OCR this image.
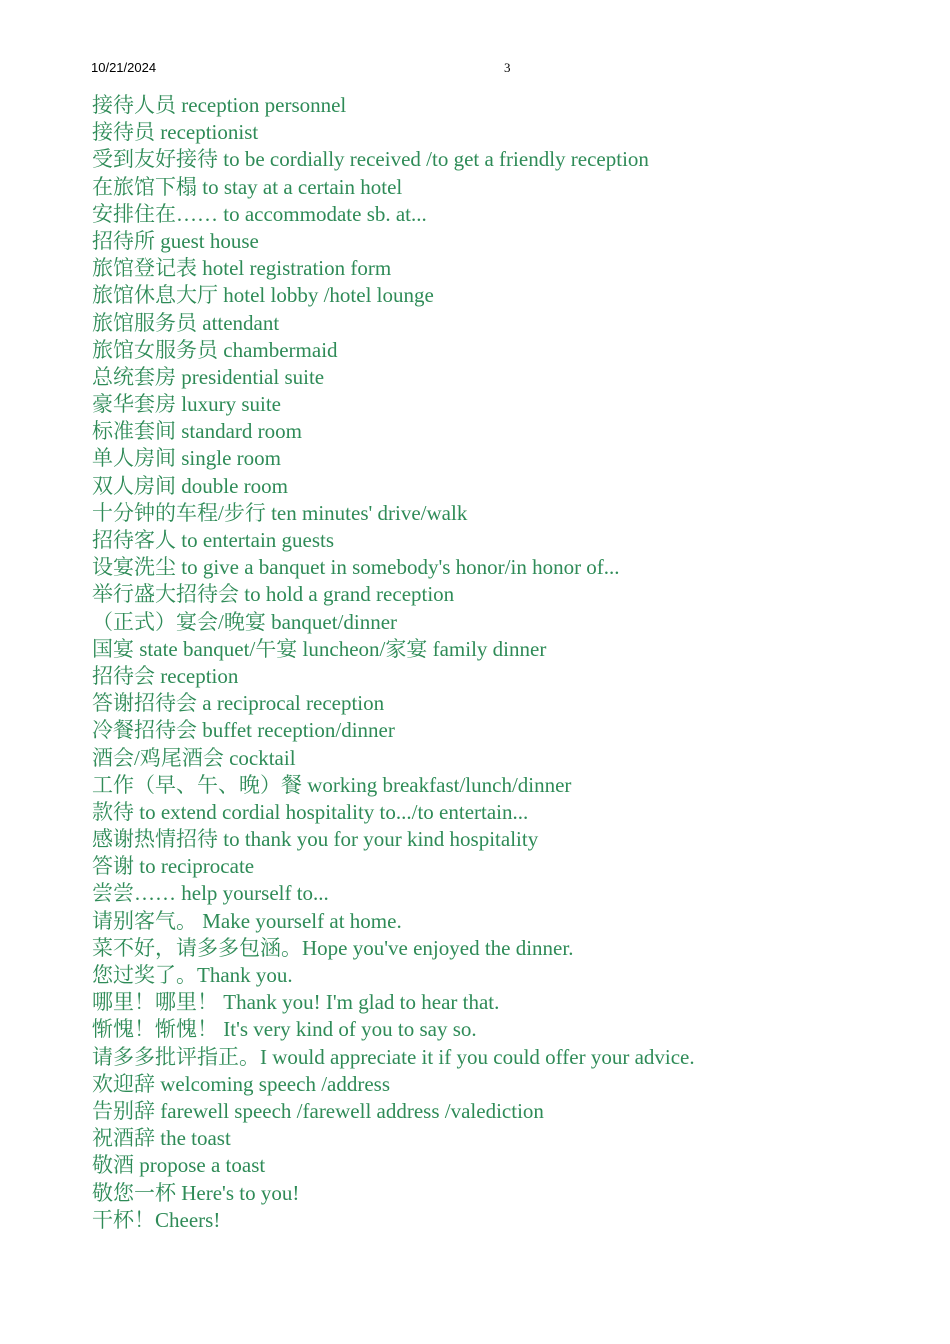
10/21/2024	3
接待人员 reception personnel
接待员 receptionist
受到友好接待 to be cordially received /to get a friendly reception
在旅馆下榻 to stay at a certain hotel
安排住在…… to accommodate sb. at...
招待所 guest house
旅馆登记表 hotel registration form
旅馆休息大厅 hotel lobby /hotel lounge
旅馆服务员 attendant
旅馆女服务员 chambermaid
总统套房 presidential suite
豪华套房 luxury suite
标准套间 standard room
单人房间 single room
双人房间 double room
十分钟的车程/步行 ten minutes' drive/walk
招待客人 to entertain guests
设宴洗尘 to give a banquet in somebody's honor/in honor of...
举行盛大招待会 to hold a grand reception
（正式）宴会/晚宴 banquet/dinner
国宴 state banquet/午宴 luncheon/家宴 family dinner
招待会 reception
答谢招待会 a reciprocal reception
冷餐招待会 buffet reception/dinner
酒会/鸡尾酒会 cocktail
工作（早、午、晚）餐 working breakfast/lunch/dinner
款待 to extend cordial hospitality to.../to entertain...
感谢热情招待 to thank you for your kind hospitality
答谢 to reciprocate
尝尝…… help yourself to...
请别客气。 Make yourself at home.
菜不好，请多多包涵。Hope you've enjoyed the dinner.
您过奖了。Thank you.
哪里！哪里！ Thank you! I'm glad to hear that.
惭愧！惭愧！ It's very kind of you to say so.
请多多批评指正。I would appreciate it if you could offer your advice.
欢迎辞 welcoming speech /address
告别辞 farewell speech /farewell address /valediction
祝酒辞 the toast
敬酒 propose a toast
敬您一杯 Here's to you!
干杯！Cheers!
